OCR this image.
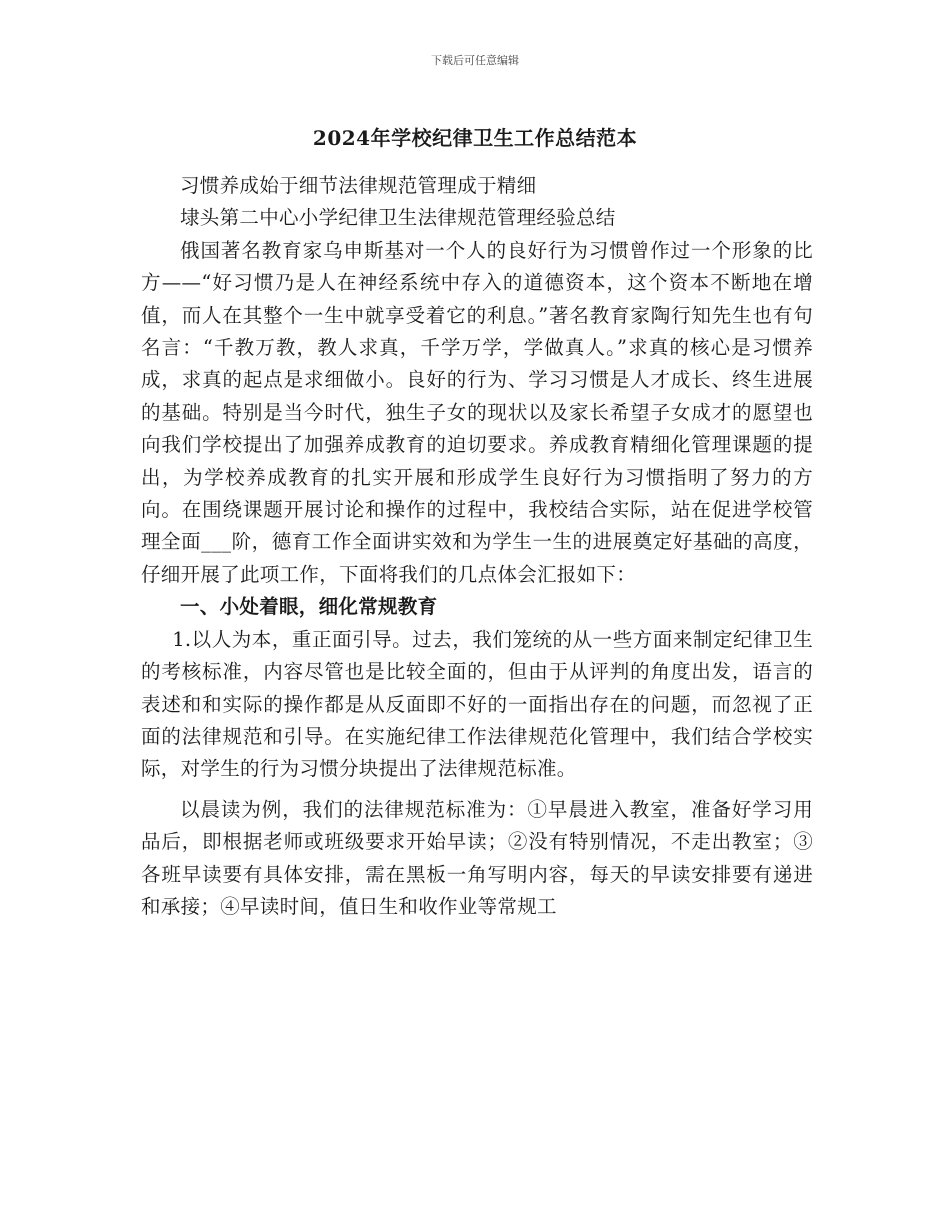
下载后可任意编辑
2024年学校纪律卫生工作总结范本

习惯养成始于细节法律规范管理成于精细

埭头第二中心小学纪律卫生法律规范管理经验总结

俄国著名教育家乌申斯基对一个人的良好行为习惯曾作过一个形象的比方——“好习惯乃是人在神经系统中存入的道德资本，这个资本不断地在增值，而人在其整个一生中就享受着它的利息。”著名教育家陶行知先生也有句名言：“千教万教，教人求真，千学万学，学做真人。”求真的核心是习惯养成，求真的起点是求细做小。良好的行为、学习习惯是人才成长、终生进展的基础。特别是当今时代，独生子女的现状以及家长希望子女成才的愿望也向我们学校提出了加强养成教育的迫切要求。养成教育精细化管理课题的提出，为学校养成教育的扎实开展和形成学生良好行为习惯指明了努力的方向。在围绕课题开展讨论和操作的过程中，我校结合实际，站在促进学校管理全面___阶，德育工作全面讲实效和为学生一生的进展奠定好基础的高度，仔细开展了此项工作，下面将我们的几点体会汇报如下：

一、小处着眼，细化常规教育

1.以人为本，重正面引导。过去，我们笼统的从一些方面来制定纪律卫生的考核标准，内容尽管也是比较全面的，但由于从评判的角度出发，语言的表述和和实际的操作都是从反面即不好的一面指出存在的问题，而忽视了正面的法律规范和引导。在实施纪律工作法律规范化管理中，我们结合学校实际，对学生的行为习惯分块提出了法律规范标准。

以晨读为例，我们的法律规范标准为：①早晨进入教室，准备好学习用品后，即根据老师或班级要求开始早读；②没有特别情况，不走出教室；③各班早读要有具体安排，需在黑板一角写明内容，每天的早读安排要有递进和承接；④早读时间，值日生和收作业等常规工
